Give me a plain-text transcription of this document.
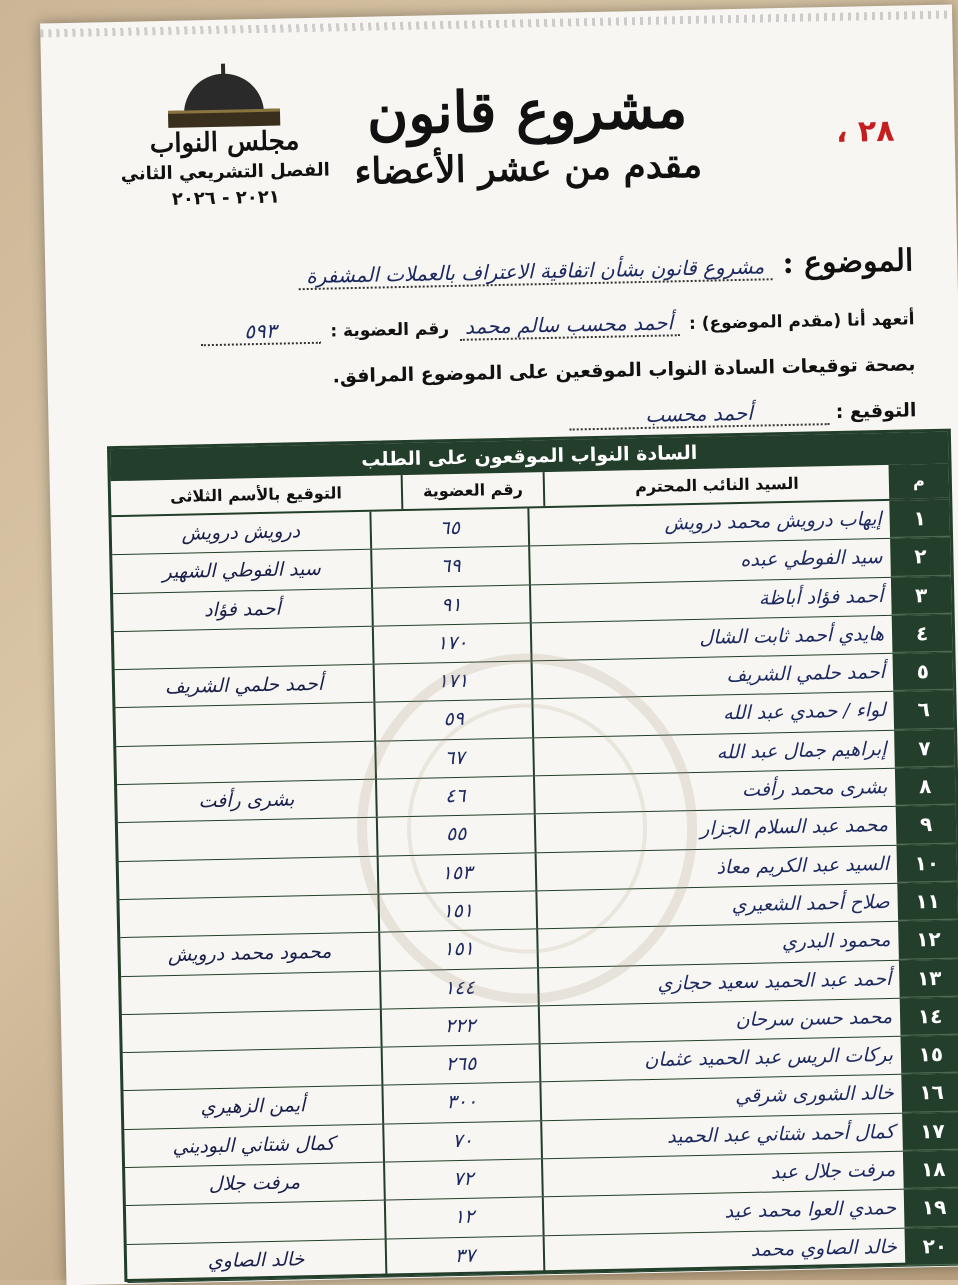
٢٨ ،
مشروع قانون
مقدم من عشر الأعضاء
مجلس النواب
الفصل التشريعي الثاني
٢٠٢١ - ٢٠٢٦
الموضوع : مشروع قانون بشأن اتفاقية الاعتراف بالعملات المشفرة
أتعهد أنا (مقدم الموضوع) :
أحمد محسب سالم محمد
رقم العضوية :
٥٩٣
بصحة توقيعات السادة النواب الموقعين على الموضوع المرافق.
التوقيع : أحمد محسب
السادة النواب الموقعون على الطلب
م
السيد النائب المحترم
رقم العضوية
التوقيع بالأسم الثلاثى
١
إيهاب درويش محمد درويش
٦٥
درويش درويش
٢
سيد الفوطي عبده
٦٩
سيد الفوطي الشهير
٣
أحمد فؤاد أباظة
٩١
أحمد فؤاد
٤
هايدي أحمد ثابت الشال
١٧٠
٥
أحمد حلمي الشريف
١٧١
أحمد حلمي الشريف
٦
لواء / حمدي عبد الله
٥٩
٧
إبراهيم جمال عبد الله
٦٧
٨
بشرى محمد رأفت
٤٦
بشرى رأفت
٩
محمد عبد السلام الجزار
٥٥
١٠
السيد عبد الكريم معاذ
١٥٣
١١
صلاح أحمد الشعيري
١٥١
١٢
محمود البدري
١٥١
محمود محمد درويش
١٣
أحمد عبد الحميد سعيد حجازي
١٤٤
١٤
محمد حسن سرحان
٢٢٢
١٥
بركات الريس عبد الحميد عثمان
٢٦٥
١٦
خالد الشورى شرقي
٣٠٠
أيمن الزهيري
١٧
كمال أحمد شتاني عبد الحميد
٧٠
كمال شتاني البوديني
١٨
مرفت جلال عبد
٧٢
مرفت جلال
١٩
حمدي العوا محمد عيد
١٢
٢٠
خالد الصاوي محمد
٣٧
خالد الصاوي
